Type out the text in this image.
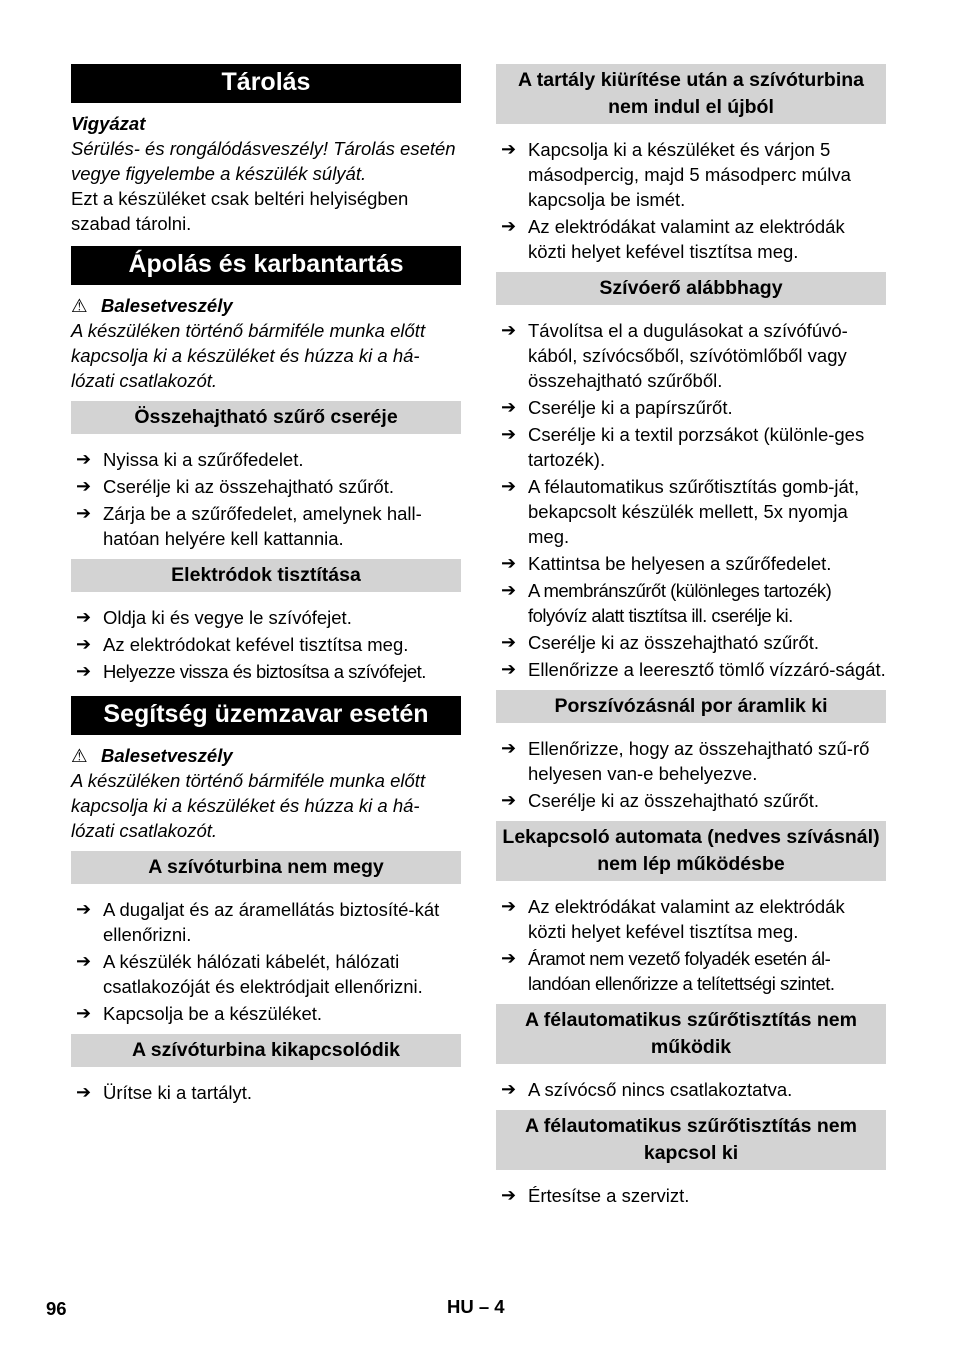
Tárolás
Vigyázat
Sérülés- és rongálódásveszély! Tárolás esetén vegye figyelembe a készülék súlyát.
Ezt a készüléket csak beltéri helyiségben szabad tárolni.
Ápolás és karbantartás
⚠ Balesetveszély
A készüléken történő bármiféle munka előtt kapcsolja ki a készüléket és húzza ki a há-lózati csatlakozót.
Összehajtható szűrő cseréje
➔ Nyissa ki a szűrőfedelet.
➔ Cserélje ki az összehajtható szűrőt.
➔ Zárja be a szűrőfedelet, amelynek hall-hatóan helyére kell kattannia.
Elektródok tisztítása
➔ Oldja ki és vegye le szívófejet.
➔ Az elektródokat kefével tisztítsa meg.
➔ Helyezze vissza és biztosítsa a szívófejet.
Segítség üzemzavar esetén
⚠ Balesetveszély
A készüléken történő bármiféle munka előtt kapcsolja ki a készüléket és húzza ki a há-lózati csatlakozót.
A szívóturbina nem megy
➔ A dugaljat és az áramellátás biztosíté-kát ellenőrizni.
➔ A készülék hálózati kábelét, hálózati csatlakozóját és elektródjait ellenőrizni.
➔ Kapcsolja be a készüléket.
A szívóturbina kikapcsolódik
➔ Ürítse ki a tartályt.
A tartály kiürítése után a szívóturbina nem indul el újból
➔ Kapcsolja ki a készüléket és várjon 5 másodpercig, majd 5 másodperc múlva kapcsolja be ismét.
➔ Az elektródákat valamint az elektródák közti helyet kefével tisztítsa meg.
Szívóerő alábbhagy
➔ Távolítsa el a dugulásokat a szívófúvó-kából, szívócsőből, szívótömlőből vagy összehajtható szűrőből.
➔ Cserélje ki a papírszűrőt.
➔ Cserélje ki a textil porzsákot (különle-ges tartozék).
➔ A félautomatikus szűrőtisztítás gomb-ját, bekapcsolt készülék mellett, 5x nyomja meg.
➔ Kattintsa be helyesen a szűrőfedelet.
➔ A membránszűrőt (különleges tartozék) folyóvíz alatt tisztítsa ill. cserélje ki.
➔ Cserélje ki az összehajtható szűrőt.
➔ Ellenőrizze a leeresztő tömlő vízzáró-ságát.
Porszívózásnál por áramlik ki
➔ Ellenőrizze, hogy az összehajtható szű-rő helyesen van-e behelyezve.
➔ Cserélje ki az összehajtható szűrőt.
Lekapcsoló automata (nedves szívásnál) nem lép működésbe
➔ Az elektródákat valamint az elektródák közti helyet kefével tisztítsa meg.
➔ Áramot nem vezető folyadék esetén ál-landóan ellenőrizze a telítettségi szintet.
A félautomatikus szűrőtisztítás nem működik
➔ A szívócső nincs csatlakoztatva.
A félautomatikus szűrőtisztítás nem kapcsol ki
➔ Értesítse a szervizt.
96	HU – 4
